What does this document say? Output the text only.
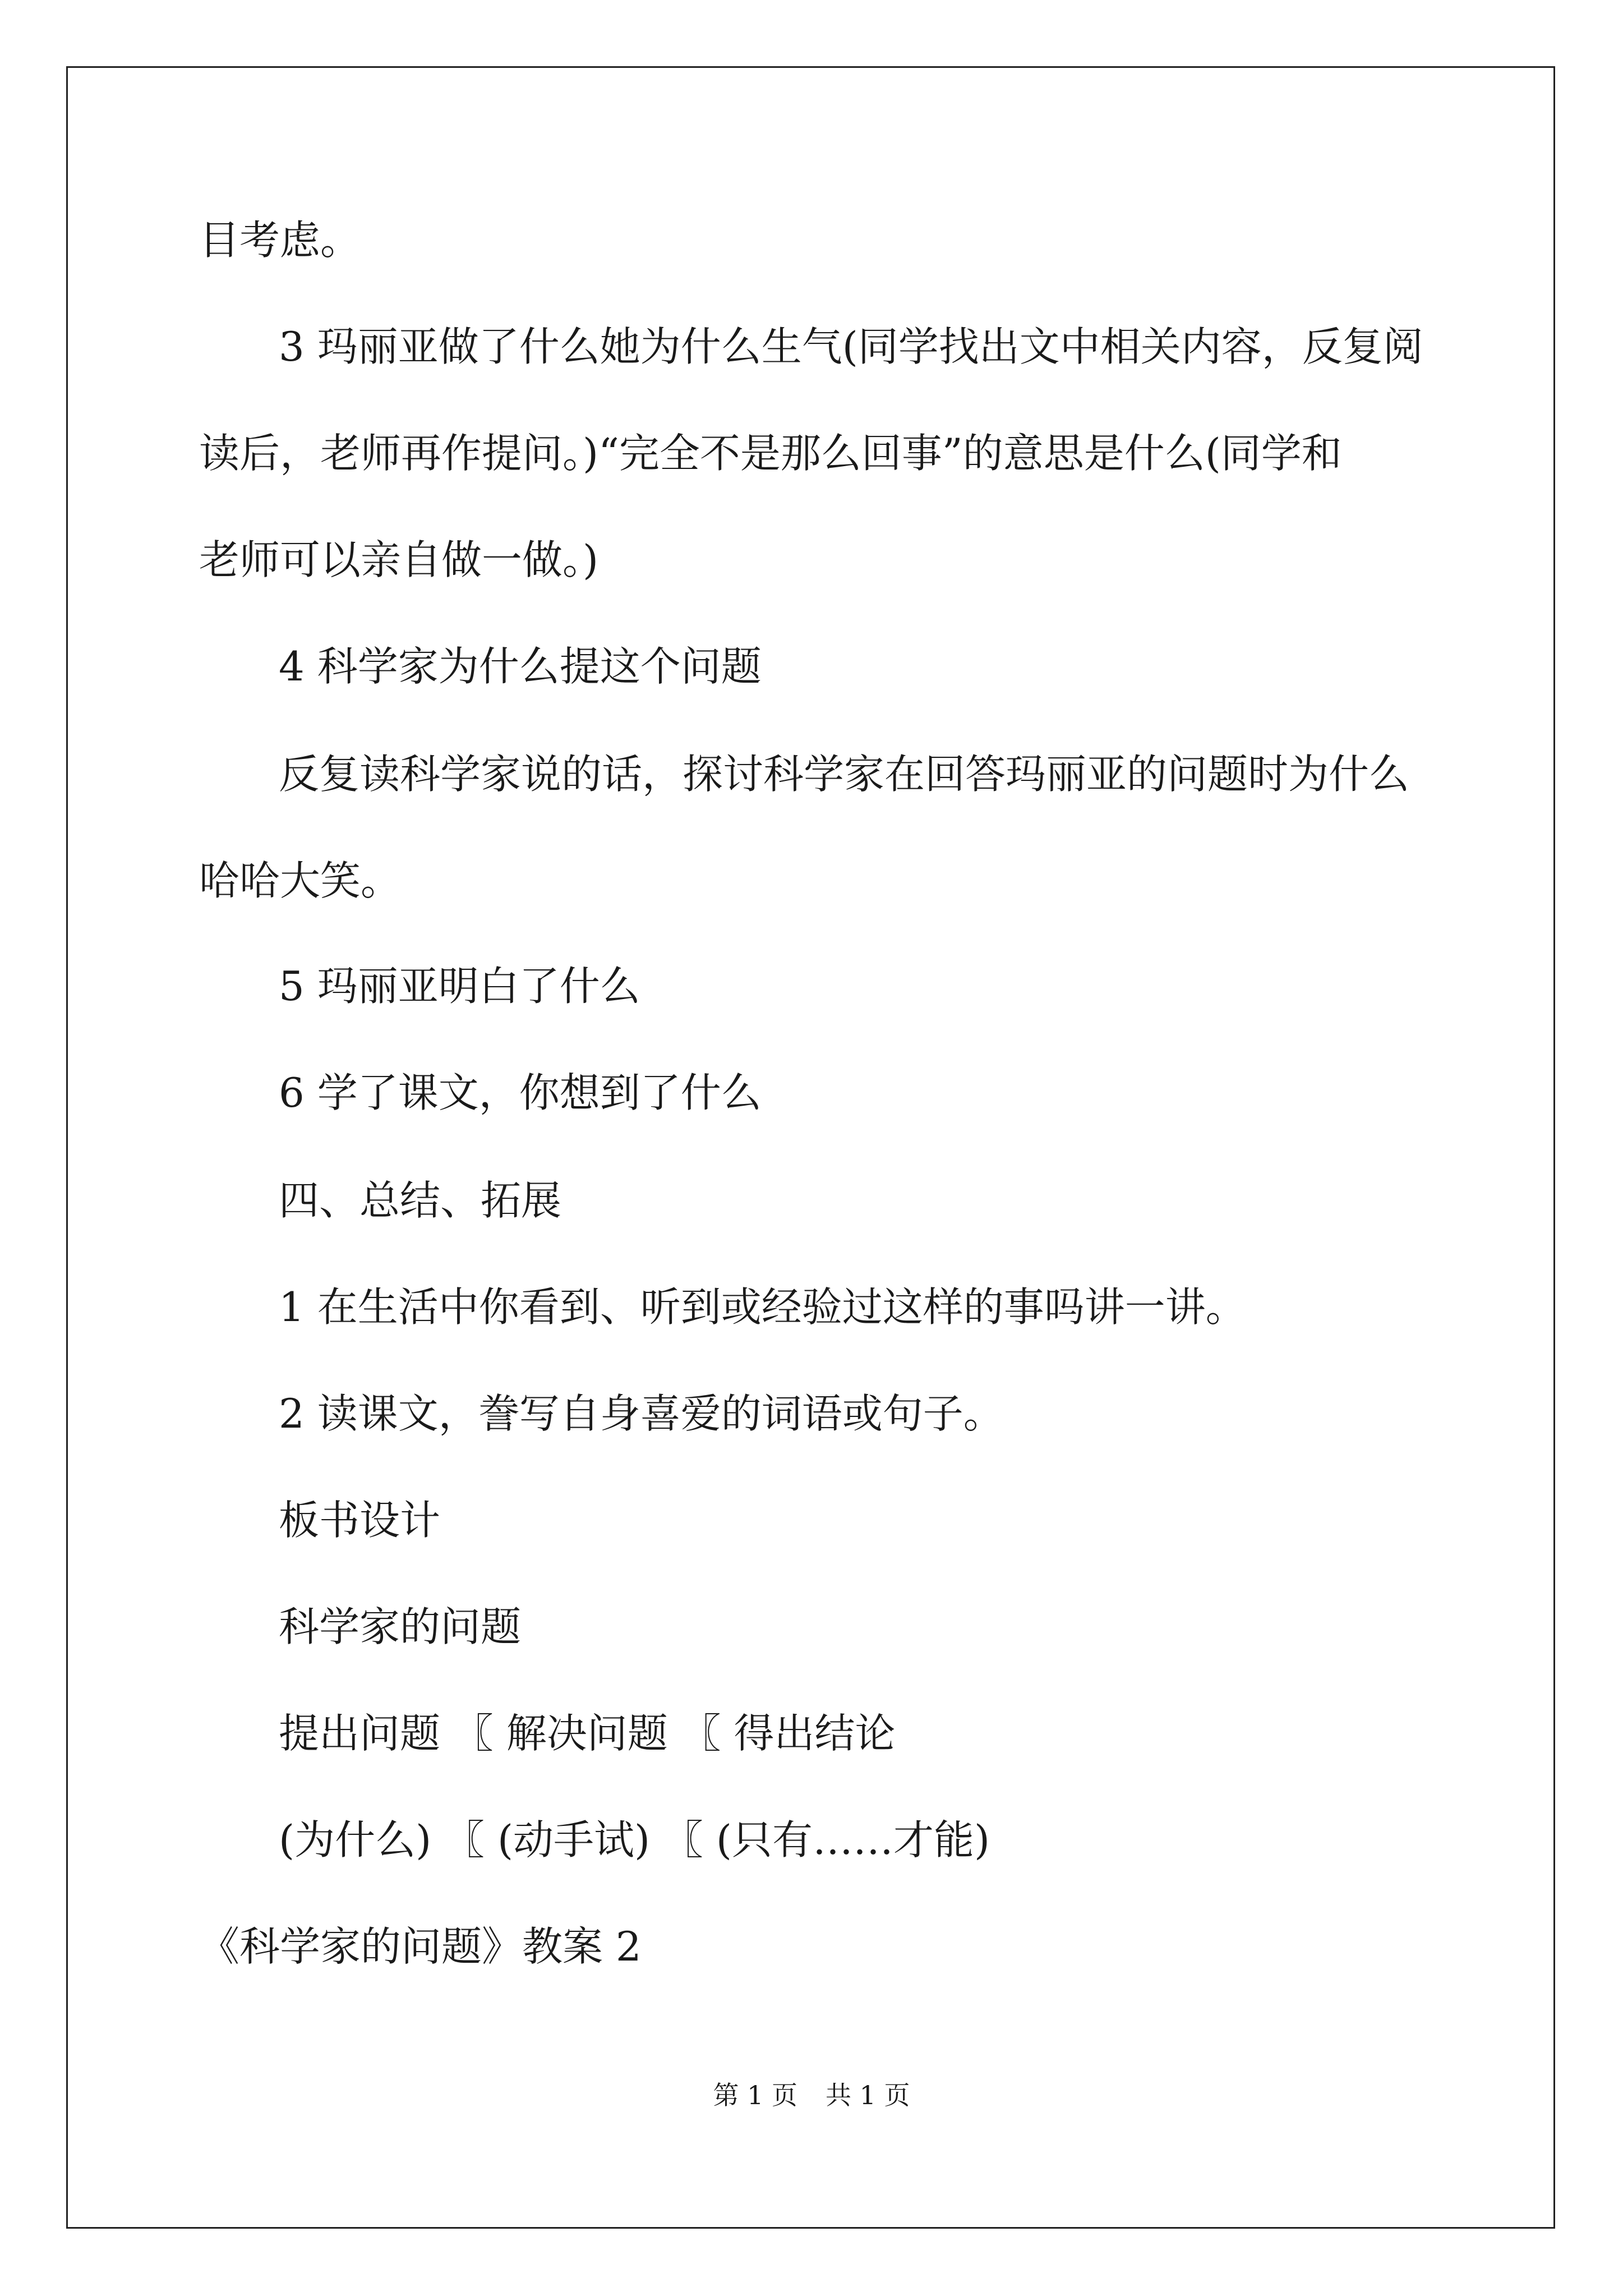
目考虑。
3 玛丽亚做了什么她为什么生气(同学找出文中相关内容，反复阅
读后，老师再作提问。)“完全不是那么回事”的意思是什么(同学和
老师可以亲自做一做。)
4 科学家为什么提这个问题
反复读科学家说的话，探讨科学家在回答玛丽亚的问题时为什么
哈哈大笑。
5 玛丽亚明白了什么
6 学了课文，你想到了什么
四、总结、拓展
1 在生活中你看到、听到或经验过这样的事吗讲一讲。
2 读课文，誊写自身喜爱的词语或句子。
板书设计
科学家的问题
提出问题 〖 解决问题 〖 得出结论
(为什么) 〖 (动手试) 〖 (只有……才能)
《科学家的问题》教案 2
第 1 页 共 1 页
